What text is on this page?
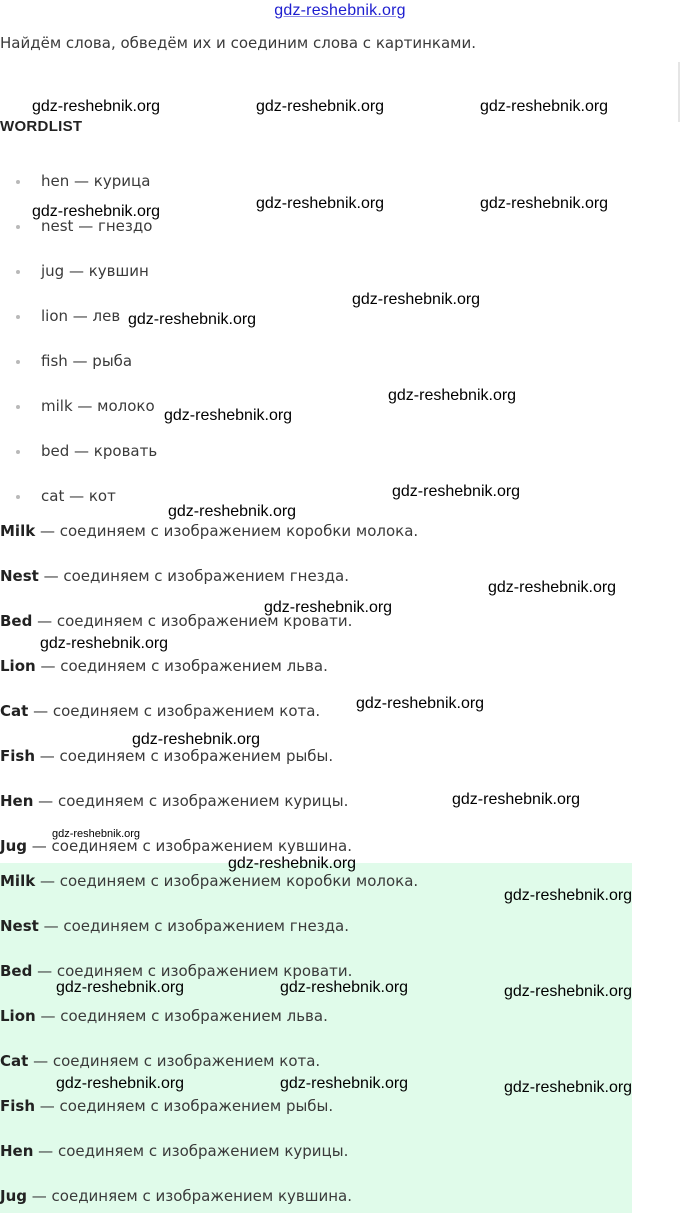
gdz-reshebnik.org
Найдём слова, обведём их и соединим слова с картинками.
WORDLIST
hen — курица
nest — гнездо
jug — кувшин
lion — лев
fish — рыба
milk — молоко
bed — кровать
cat — кот
Milk — соединяем с изображением коробки молока.
Nest — соединяем с изображением гнезда.
Bed — соединяем с изображением кровати.
Lion — соединяем с изображением льва.
Cat — соединяем с изображением кота.
Fish — соединяем с изображением рыбы.
Hen — соединяем с изображением курицы.
Jug — соединяем с изображением кувшина.
Milk — соединяем с изображением коробки молока.
Nest — соединяем с изображением гнезда.
Bed — соединяем с изображением кровати.
Lion — соединяем с изображением льва.
Cat — соединяем с изображением кота.
Fish — соединяем с изображением рыбы.
Hen — соединяем с изображением курицы.
Jug — соединяем с изображением кувшина.
gdz-reshebnik.org	gdz-reshebnik.org	gdz-reshebnik.org
gdz-reshebnik.org	gdz-reshebnik.org	gdz-reshebnik.org
gdz-reshebnik.org
gdz-reshebnik.org
gdz-reshebnik.org
gdz-reshebnik.org
gdz-reshebnik.org
gdz-reshebnik.org
gdz-reshebnik.org
gdz-reshebnik.org
gdz-reshebnik.org
gdz-reshebnik.org
gdz-reshebnik.org
gdz-reshebnik.org
gdz-reshebnik.org
gdz-reshebnik.org
gdz-reshebnik.org
gdz-reshebnik.org	gdz-reshebnik.org	gdz-reshebnik.org
gdz-reshebnik.org	gdz-reshebnik.org	gdz-reshebnik.org
